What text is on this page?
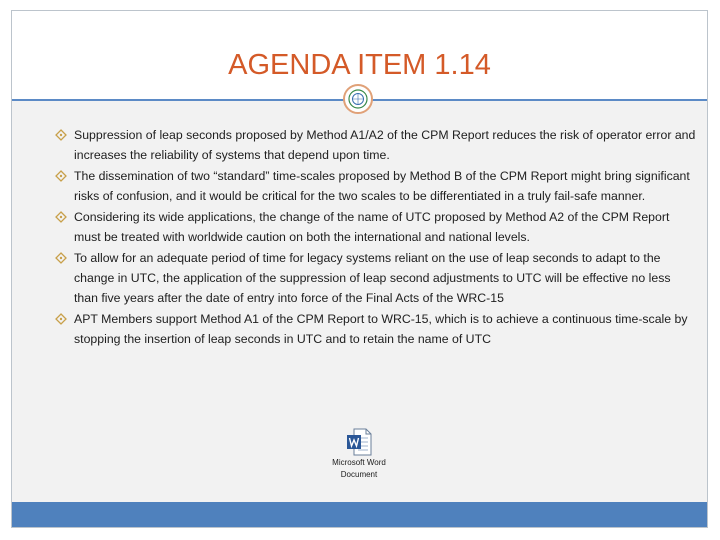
AGENDA ITEM 1.14
Suppression of leap seconds proposed by Method A1/A2 of the CPM Report reduces the risk of operator error and increases the reliability of systems that depend upon time.
The dissemination of two “standard” time-scales proposed by Method B of the CPM Report might bring significant risks of confusion, and it would be critical for the two scales to be differentiated in a truly fail-safe manner.
Considering its wide applications, the change of the name of UTC proposed by Method A2 of the CPM Report must be treated with worldwide caution on both the international and national levels.
To allow for an adequate period of time for legacy systems reliant on the use of leap seconds to adapt to the change in UTC, the application of the suppression of leap second adjustments to UTC will be effective no less than five years after the date of entry into force of the Final Acts of the WRC-15
APT Members support Method A1 of the CPM Report to WRC-15, which is to achieve a continuous time-scale by stopping the insertion of leap seconds in UTC and to retain the name of UTC
Microsoft Word
Document
